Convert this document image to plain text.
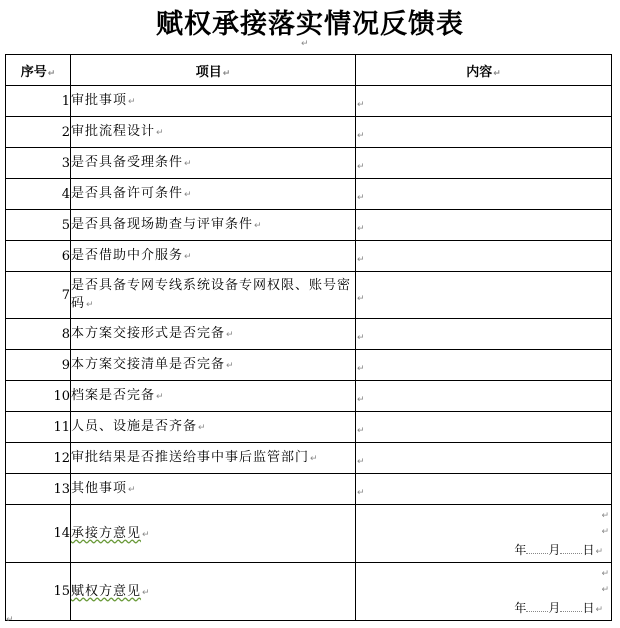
赋权承接落实情况反馈表
↵
序号↵	项目↵	内容↵
1	审批事项↵	↵
2	审批流程设计↵	↵
3	是否具备受理条件↵	↵
4	是否具备许可条件↵	↵
5	是否具备现场勘查与评审条件↵	↵
6	是否借助中介服务↵	↵
7	是否具备专网专线系统设备专网权限、账号密码↵	↵
8	本方案交接形式是否完备↵	↵
9	本方案交接清单是否完备↵	↵
10	档案是否完备↵	↵
11	人员、设施是否齐备↵	↵
12	审批结果是否推送给事中事后监管部门↵	↵
13	其他事项↵	↵
14	承接方意见↵	↵
↵
年 月 日↵

15	赋权方意见↵	↵
↵
年 月 日↵
↵
